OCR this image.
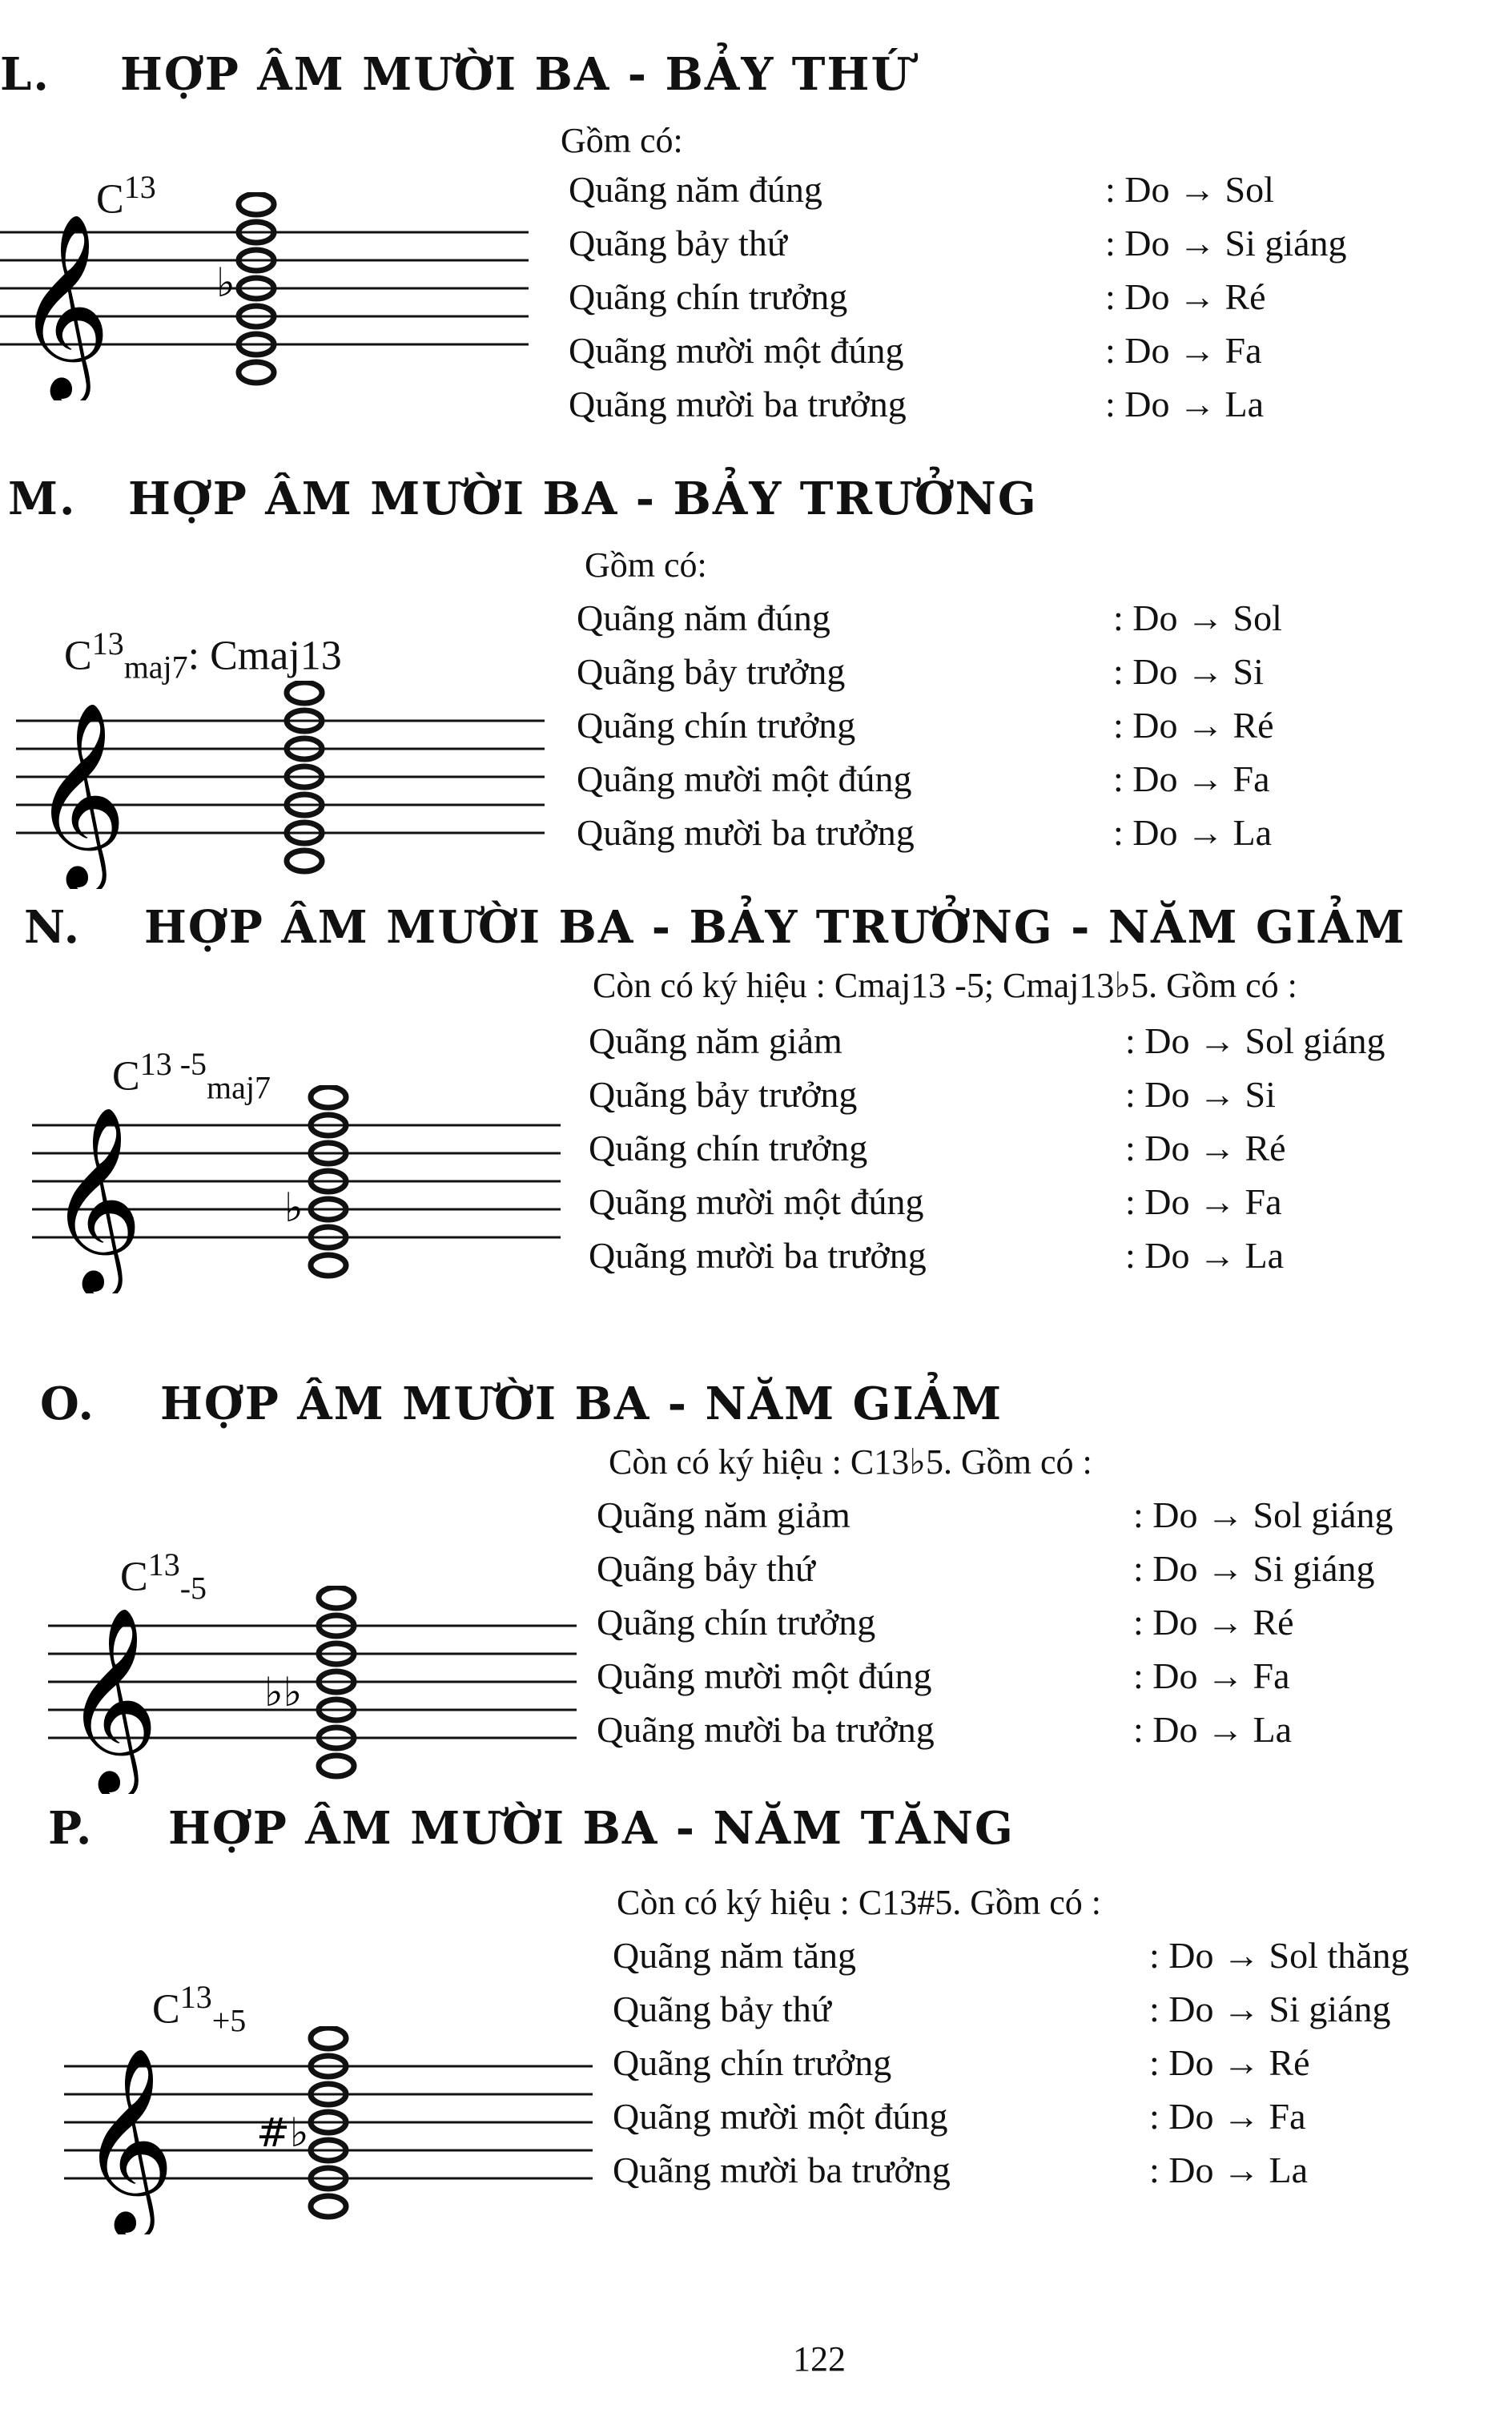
L. HỢP ÂM MƯỜI BA - BẢY THỨ
$C^{13}$
𝄞	♭
Gồm có:
Quãng năm đúng	: Do → Sol
Quãng bảy thứ	: Do → Si giáng
Quãng chín trưởng	: Do → Ré
Quãng mười một đúng	: Do → Fa
Quãng mười ba trưởng	: Do → La
M. HỢP ÂM MƯỜI BA - BẢY TRƯỞNG
$C^{13}_{maj7}$: Cmaj13
𝄞
Gồm có:
Quãng năm đúng	: Do → Sol
Quãng bảy trưởng	: Do → Si
Quãng chín trưởng	: Do → Ré
Quãng mười một đúng	: Do → Fa
Quãng mười ba trưởng	: Do → La
N. HỢP ÂM MƯỜI BA - BẢY TRƯỞNG - NĂM GIẢM
$C^{13 -5}_{maj7}$
𝄞	♭
Còn có ký hiệu : Cmaj13 -5; Cmaj13♭5. Gồm có :
Quãng năm giảm	: Do → Sol giáng
Quãng bảy trưởng	: Do → Si
Quãng chín trưởng	: Do → Ré
Quãng mười một đúng	: Do → Fa
Quãng mười ba trưởng	: Do → La
O. HỢP ÂM MƯỜI BA - NĂM GIẢM
$C^{13}_{-5}$
𝄞	♭♭
Còn có ký hiệu : C13♭5. Gồm có :
Quãng năm giảm	: Do → Sol giáng
Quãng bảy thứ	: Do → Si giáng
Quãng chín trưởng	: Do → Ré
Quãng mười một đúng	: Do → Fa
Quãng mười ba trưởng	: Do → La
P. HỢP ÂM MƯỜI BA - NĂM TĂNG
$C^{13}_{+5}$
𝄞 #♭
Còn có ký hiệu : C13#5. Gồm có :
Quãng năm tăng	: Do → Sol thăng
Quãng bảy thứ	: Do → Si giáng
Quãng chín trưởng	: Do → Ré
Quãng mười một đúng	: Do → Fa
Quãng mười ba trưởng	: Do → La
122
